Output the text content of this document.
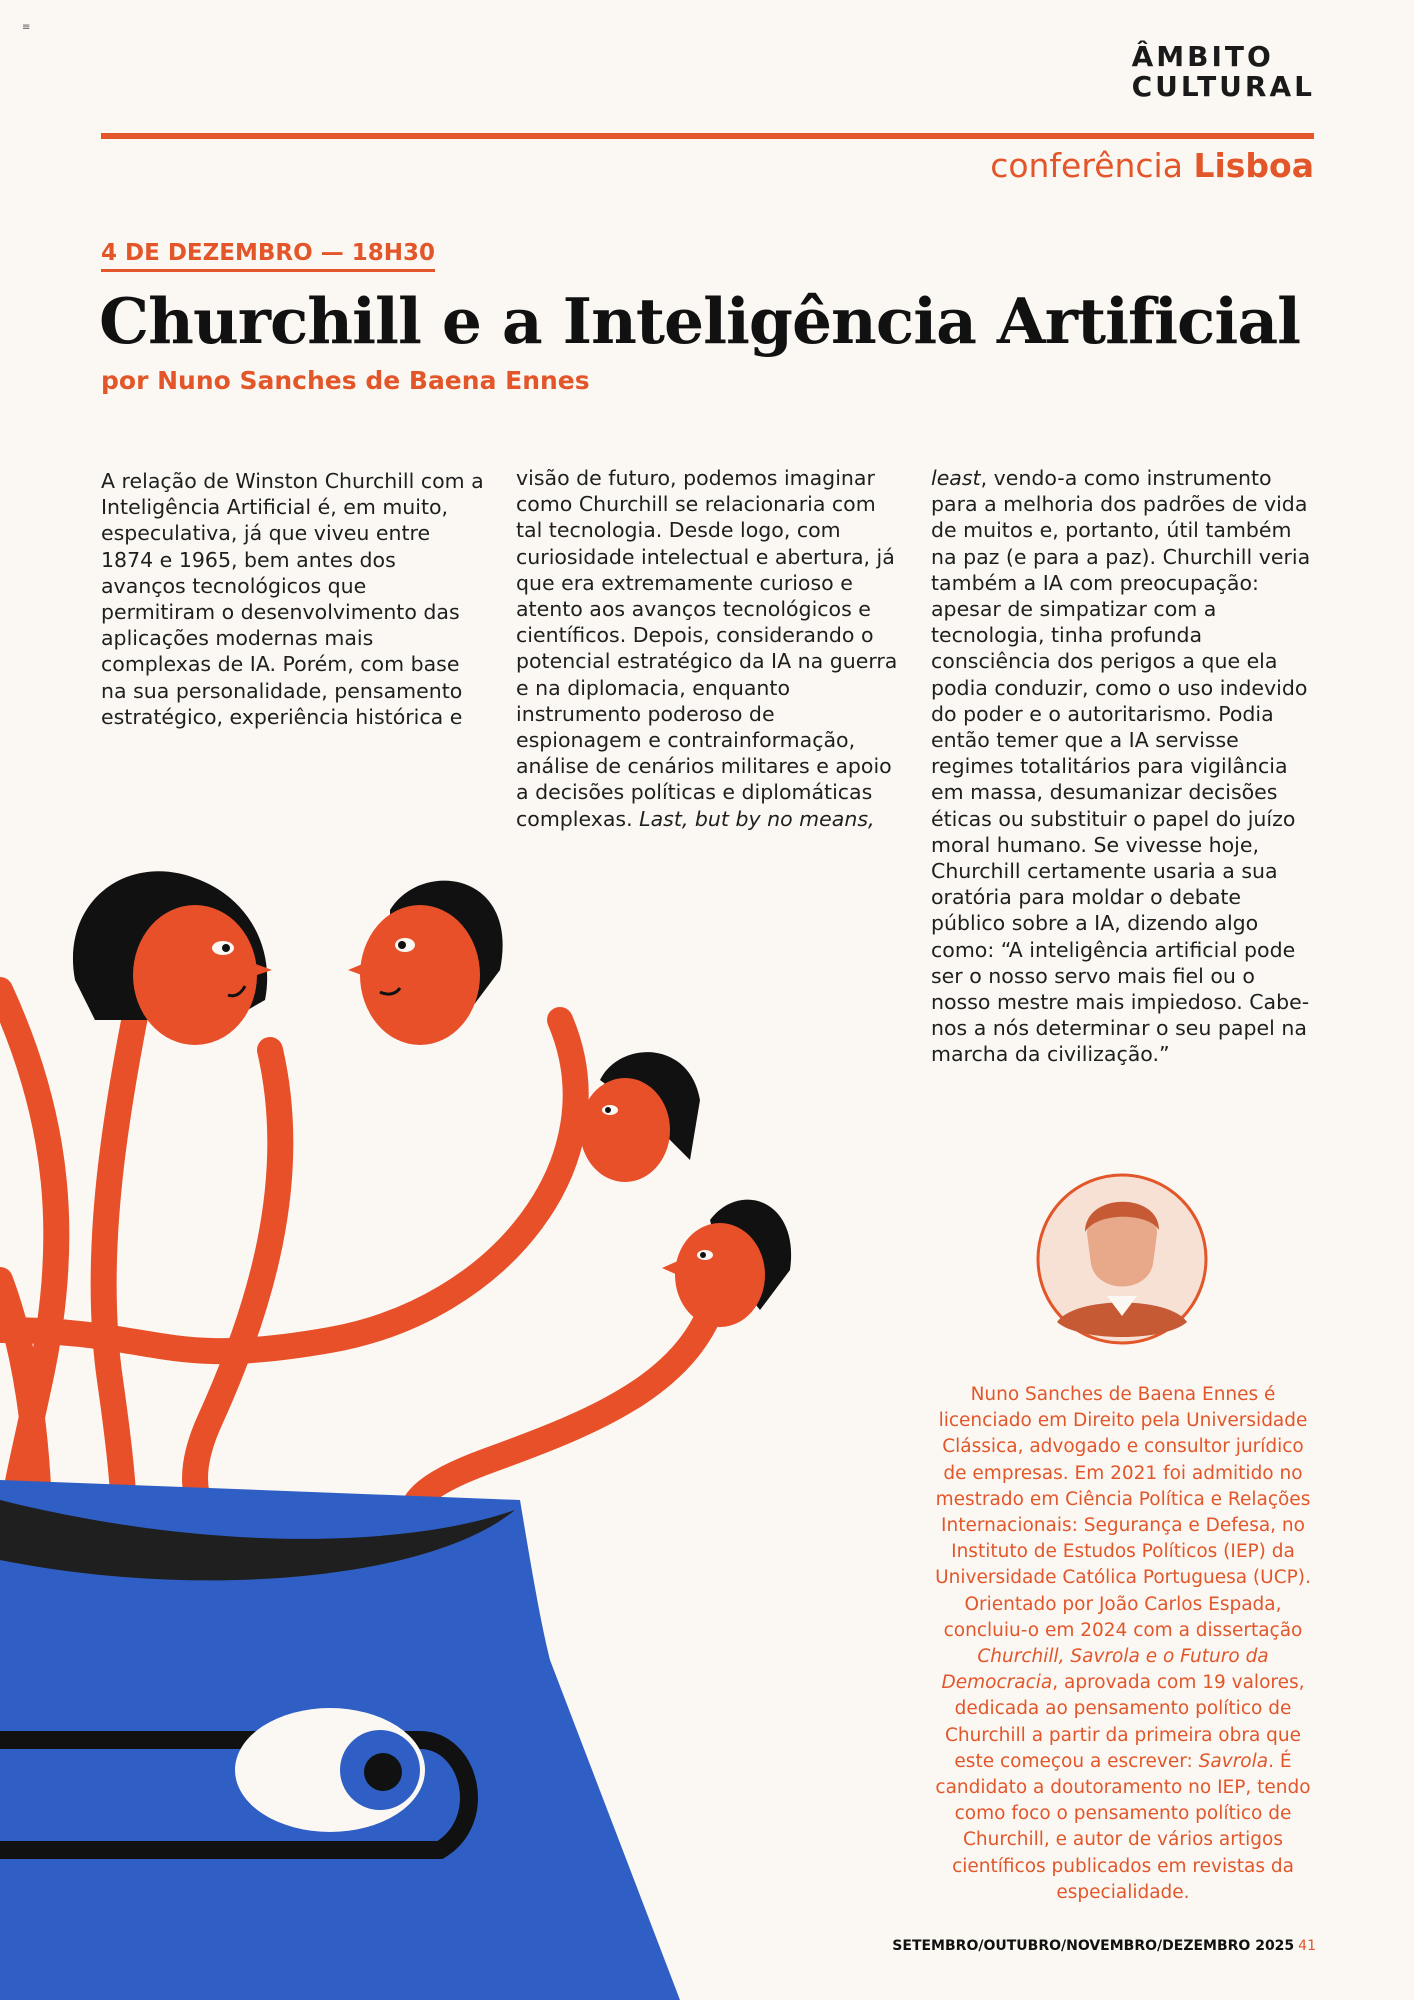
≡
ÂMBITO
CULTURAL
conferência Lisboa
4 DE DEZEMBRO — 18H30
Churchill e a Inteligência Artificial
por Nuno Sanches de Baena Ennes
A relação de Winston Churchill com a Inteligência Artificial é, em muito, especulativa, já que viveu entre 1874 e 1965, bem antes dos avanços tecnológicos que permitiram o desenvolvimento das aplicações modernas mais complexas de IA. Porém, com base na sua personalidade, pensamento estratégico, experiência histórica e
visão de futuro, podemos imaginar como Churchill se relacionaria com tal tecnologia. Desde logo, com curiosidade intelectual e abertura, já que era extremamente curioso e atento aos avanços tecnológicos e científicos. Depois, considerando o potencial estratégico da IA na guerra e na diplomacia, enquanto instrumento poderoso de espionagem e contrainformação, análise de cenários militares e apoio a decisões políticas e diplomáticas complexas. Last, but by no means,
least, vendo-a como instrumento para a melhoria dos padrões de vida de muitos e, portanto, útil também na paz (e para a paz). Churchill veria também a IA com preocupação: apesar de simpatizar com a tecnologia, tinha profunda consciência dos perigos a que ela podia conduzir, como o uso indevido do poder e o autoritarismo. Podia então temer que a IA servisse regimes totalitários para vigilância em massa, desumanizar decisões éticas ou substituir o papel do juízo moral humano. Se vivesse hoje, Churchill certamente usaria a sua oratória para moldar o debate público sobre a IA, dizendo algo como: “A inteligência artificial pode ser o nosso servo mais fiel ou o nosso mestre mais impiedoso. Cabe-nos a nós determinar o seu papel na marcha da civilização.”
Nuno Sanches de Baena Ennes é licenciado em Direito pela Universidade Clássica, advogado e consultor jurídico de empresas. Em 2021 foi admitido no mestrado em Ciência Política e Relações Internacionais: Segurança e Defesa, no Instituto de Estudos Políticos (IEP) da Universidade Católica Portuguesa (UCP). Orientado por João Carlos Espada, concluiu-o em 2024 com a dissertação Churchill, Savrola e o Futuro da Democracia, aprovada com 19 valores, dedicada ao pensamento político de Churchill a partir da primeira obra que este começou a escrever: Savrola. É candidato a doutoramento no IEP, tendo como foco o pensamento político de Churchill, e autor de vários artigos científicos publicados em revistas da especialidade.
SETEMBRO/OUTUBRO/NOVEMBRO/DEZEMBRO 2025 41
